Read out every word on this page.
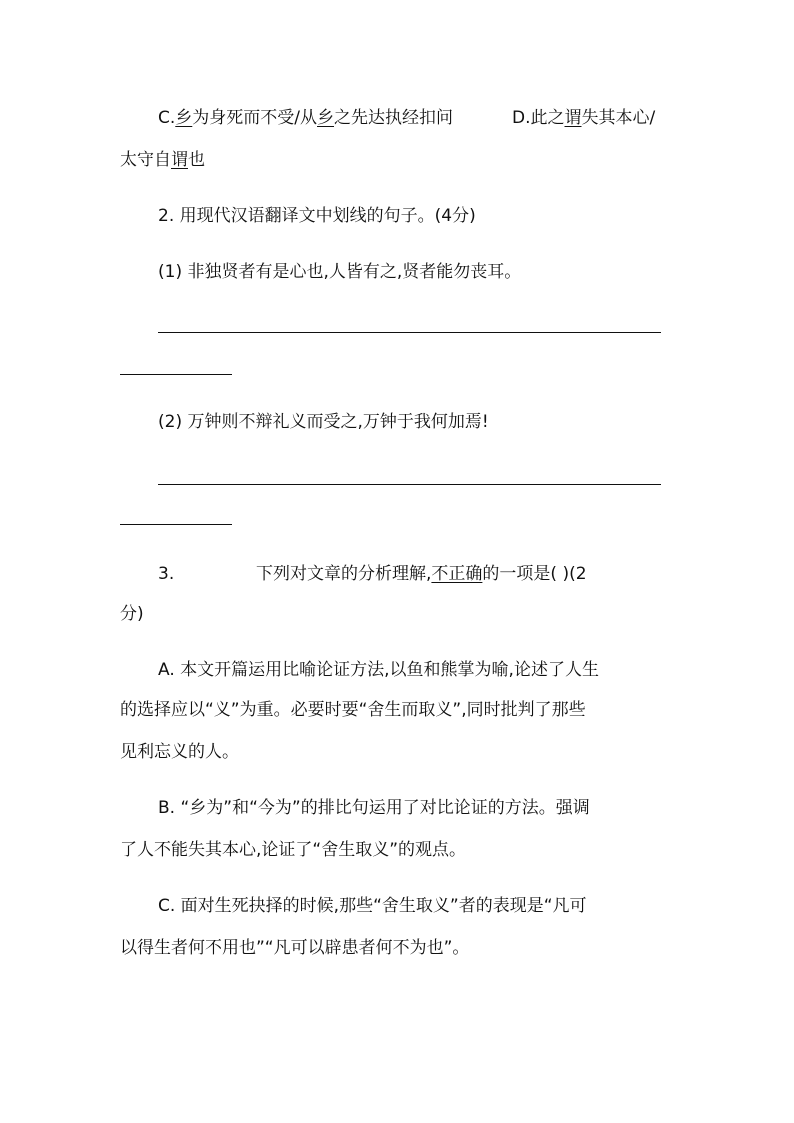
C.乡为身死而不受/从乡之先达执经扣问	D.此之谓失其本心/
太守自谓也
2. 用现代汉语翻译文中划线的句子。(4分)
(1) 非独贤者有是心也,人皆有之,贤者能勿丧耳。
(2) 万钟则不辩礼义而受之,万钟于我何加焉!
3.	下列对文章的分析理解,不正确的一项是( )(2
分)
A. 本文开篇运用比喻论证方法,以鱼和熊掌为喻,论述了人生
的选择应以“义”为重。必要时要“舍生而取义”,同时批判了那些
见利忘义的人。
B. “乡为”和“今为”的排比句运用了对比论证的方法。强调
了人不能失其本心,论证了“舍生取义”的观点。
C. 面对生死抉择的时候,那些“舍生取义”者的表现是“凡可
以得生者何不用也”“凡可以辟患者何不为也”。
